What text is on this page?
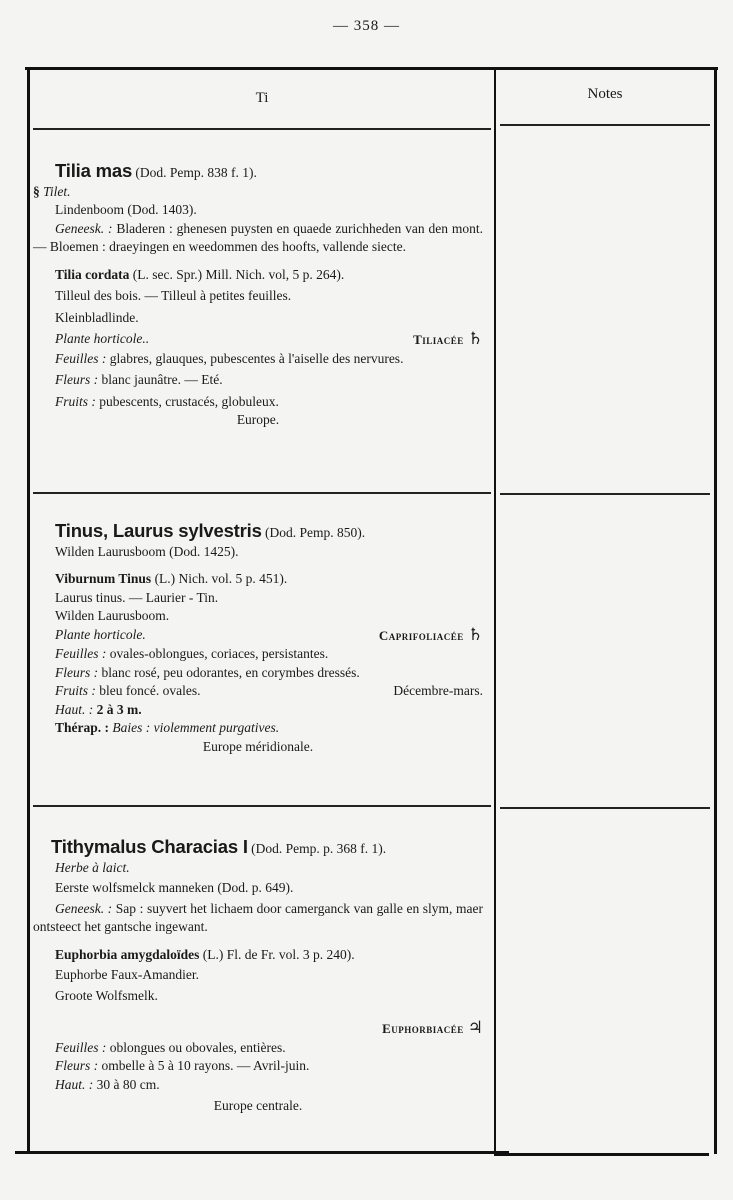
— 358 —
Ti	Notes

Tilia mas (Dod. Pemp. 838 f. 1).

§ Tilet.

Lindenboom (Dod. 1403).

Geneesk. : Bladeren : ghenesen puysten en quaede zurichheden van den mont. — Bloemen : draeyingen en weedommen des hoofts, vallende siecte.

Tilia cordata (L. sec. Spr.) Mill. Nich. vol, 5 p. 264).

Tilleul des bois. — Tilleul à petites feuilles.

Kleinbladlinde.

Plante horticole..	Tiliacée ♄

Feuilles : glabres, glauques, pubescentes à l'aiselle des nervures.

Fleurs : blanc jaunâtre. — Eté.

Fruits : pubescents, crustacés, globuleux.

Europe.

Tinus, Laurus sylvestris (Dod. Pemp. 850).

Wilden Laurusboom (Dod. 1425).

Viburnum Tinus (L.) Nich. vol. 5 p. 451).

Laurus tinus. — Laurier - Tin.

Wilden Laurusboom.

Plante horticole.	Caprifoliacée ♄

Feuilles : ovales-oblongues, coriaces, persistantes.

Fleurs : blanc rosé, peu odorantes, en corymbes dressés.

Fruits : bleu foncé. ovales.	Décembre-mars.

Haut. : 2 à 3 m.

Thérap. : Baies : violemment purgatives.

Europe méridionale.

Tithymalus Characias I (Dod. Pemp. p. 368 f. 1).

Herbe à laict.

Eerste wolfsmelck manneken (Dod. p. 649).

Geneesk. : Sap : suyvert het lichaem door camerganck van galle en slym, maer ontsteect het gantsche ingewant.

Euphorbia amygdaloïdes (L.) Fl. de Fr. vol. 3 p. 240).

Euphorbe Faux-Amandier.

Groote Wolfsmelk.

Euphorbiacée ♃

Feuilles : oblongues ou obovales, entières.

Fleurs : ombelle à 5 à 10 rayons. — Avril-juin.

Haut. : 30 à 80 cm.

Europe centrale.
